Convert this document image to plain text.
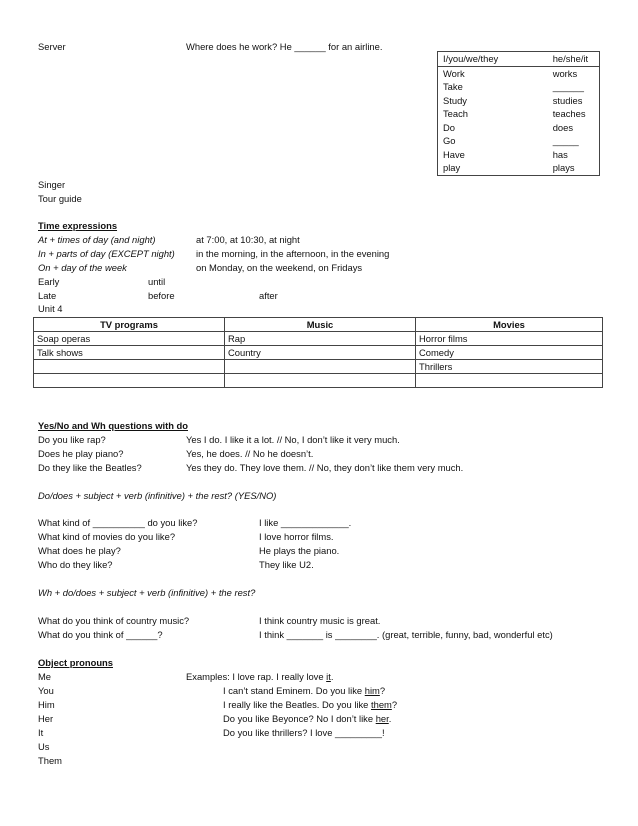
Server	Where does he work? He ______ for an airline.
I/you/we/they	he/she/it
Work	works
Take	______
Study	studies
Teach	teaches
Do	does
Go	_____
Have	has
play	plays
Singer
Tour guide
Time expressions
At + times of day (and night)	at 7:00, at 10:30, at night
In + parts of day (EXCEPT night) in the morning, in the afternoon, in the evening
On + day of the week	on Monday, on the weekend, on Fridays
Early	until
Late	before	after
Unit 4
TV programs	Music	Movies
Soap operas	Rap	Horror films
Talk shows	Country	Comedy
		Thrillers

Yes/No and Wh questions with do
Do you like rap?	Yes I do. I like it a lot. // No, I don’t like it very much.
Does he play piano?	Yes, he does. // No he doesn’t.
Do they like the Beatles?	Yes they do. They love them. // No, they don’t like them very much.
Do/does + subject + verb (infinitive) + the rest? (YES/NO)
What kind of __________ do you like?	I like _____________.
What kind of movies do you like?	I love horror films.
What does he play?	He plays the piano.
Who do they like?	They like U2.
Wh + do/does + subject + verb (infinitive) + the rest?
What do you think of country music?	I think country music is great.
What do you think of ______?	I think _______ is ________. (great, terrible, funny, bad, wonderful etc)
Object pronouns
Me
You
Him
Her
It
Us
Them
Examples: I love rap. I really love it.
I can’t stand Eminem. Do you like him?
I really like the Beatles. Do you like them?
Do you like Beyonce? No I don’t like her.
Do you like thrillers? I love _________!
